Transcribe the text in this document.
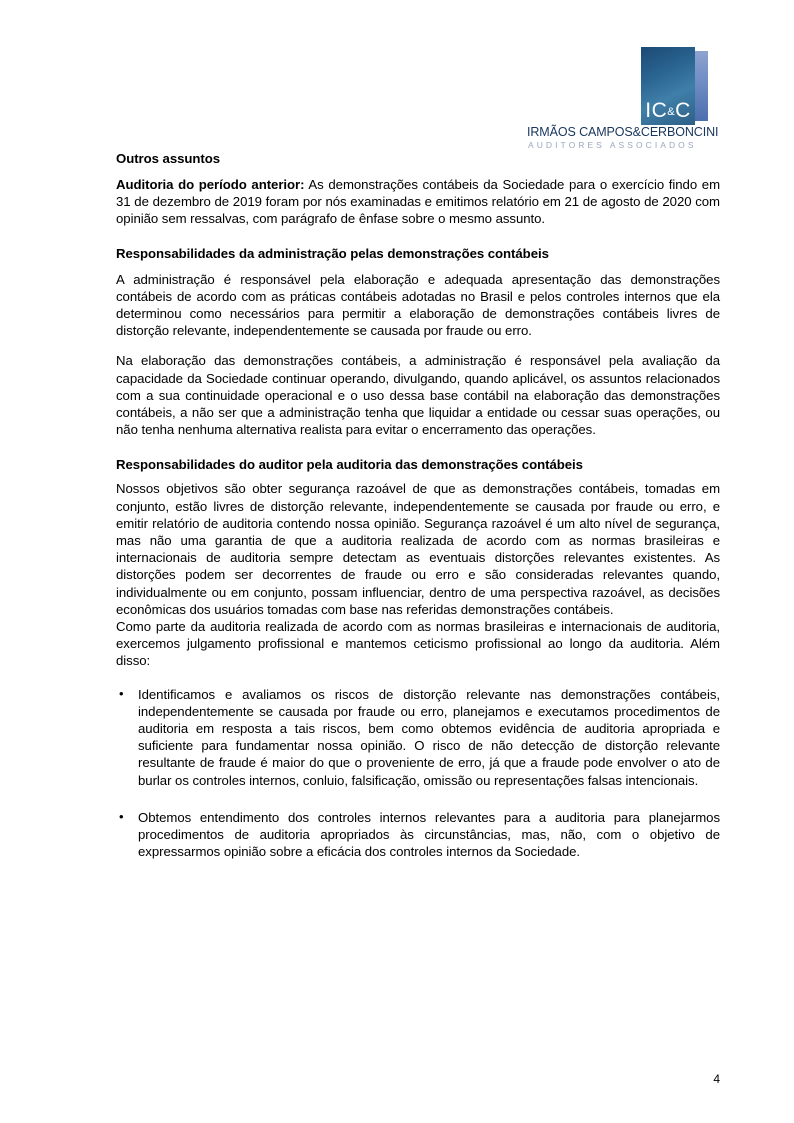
IC&C
IRMÃOS CAMPOS&CERBONCINI
AUDITORES ASSOCIADOS
Outros assuntos

Auditoria do período anterior: As demonstrações contábeis da Sociedade para o exercício findo em 31 de dezembro de 2019 foram por nós examinadas e emitimos relatório em 21 de agosto de 2020 com opinião sem ressalvas, com parágrafo de ênfase sobre o mesmo assunto.

Responsabilidades da administração pelas demonstrações contábeis

A administração é responsável pela elaboração e adequada apresentação das demonstrações contábeis de acordo com as práticas contábeis adotadas no Brasil e pelos controles internos que ela determinou como necessários para permitir a elaboração de demonstrações contábeis livres de distorção relevante, independentemente se causada por fraude ou erro.

Na elaboração das demonstrações contábeis, a administração é responsável pela avaliação da capacidade da Sociedade continuar operando, divulgando, quando aplicável, os assuntos relacionados com a sua continuidade operacional e o uso dessa base contábil na elaboração das demonstrações contábeis, a não ser que a administração tenha que liquidar a entidade ou cessar suas operações, ou não tenha nenhuma alternativa realista para evitar o encerramento das operações.

Responsabilidades do auditor pela auditoria das demonstrações contábeis

Nossos objetivos são obter segurança razoável de que as demonstrações contábeis, tomadas em conjunto, estão livres de distorção relevante, independentemente se causada por fraude ou erro, e emitir relatório de auditoria contendo nossa opinião. Segurança razoável é um alto nível de segurança, mas não uma garantia de que a auditoria realizada de acordo com as normas brasileiras e internacionais de auditoria sempre detectam as eventuais distorções relevantes existentes. As distorções podem ser decorrentes de fraude ou erro e são consideradas relevantes quando, individualmente ou em conjunto, possam influenciar, dentro de uma perspectiva razoável, as decisões econômicas dos usuários tomadas com base nas referidas demonstrações contábeis.

Como parte da auditoria realizada de acordo com as normas brasileiras e internacionais de auditoria, exercemos julgamento profissional e mantemos ceticismo profissional ao longo da auditoria. Além disso:

• Identificamos e avaliamos os riscos de distorção relevante nas demonstrações contábeis, independentemente se causada por fraude ou erro, planejamos e executamos procedimentos de auditoria em resposta a tais riscos, bem como obtemos evidência de auditoria apropriada e suficiente para fundamentar nossa opinião. O risco de não detecção de distorção relevante resultante de fraude é maior do que o proveniente de erro, já que a fraude pode envolver o ato de burlar os controles internos, conluio, falsificação, omissão ou representações falsas intencionais.
• Obtemos entendimento dos controles internos relevantes para a auditoria para planejarmos procedimentos de auditoria apropriados às circunstâncias, mas, não, com o objetivo de expressarmos opinião sobre a eficácia dos controles internos da Sociedade.
4
